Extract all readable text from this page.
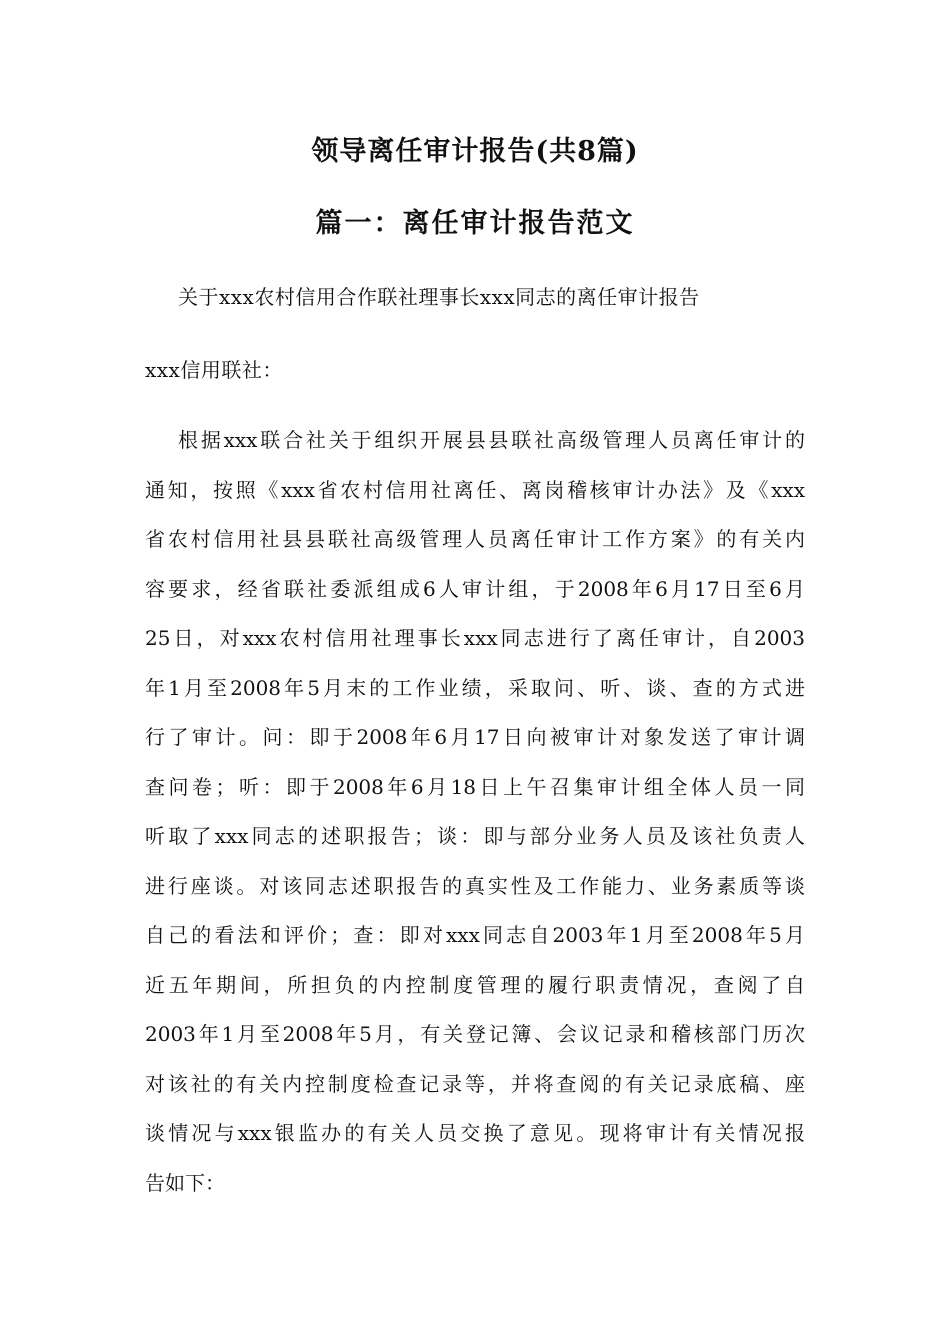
领导离任审计报告(共8篇)
篇一：离任审计报告范文

关于xxx农村信用合作联社理事长xxx同志的离任审计报告

xxx信用联社：

根据xxx联合社关于组织开展县县联社高级管理人员离任审计的
通知，按照《xxx省农村信用社离任、离岗稽核审计办法》及《xxx
省农村信用社县县联社高级管理人员离任审计工作方案》的有关内
容要求，经省联社委派组成6人审计组，于2008年6月17日至6月
25日，对xxx农村信用社理事长xxx同志进行了离任审计，自2003
年1月至2008年5月末的工作业绩，采取问、听、谈、查的方式进
行了审计。问：即于2008年6月17日向被审计对象发送了审计调
查问卷；听：即于2008年6月18日上午召集审计组全体人员一同
听取了xxx同志的述职报告；谈：即与部分业务人员及该社负责人
进行座谈。对该同志述职报告的真实性及工作能力、业务素质等谈
自己的看法和评价；查：即对xxx同志自2003年1月至2008年5月
近五年期间，所担负的内控制度管理的履行职责情况，查阅了自
2003年1月至2008年5月，有关登记簿、会议记录和稽核部门历次
对该社的有关内控制度检查记录等，并将查阅的有关记录底稿、座
谈情况与xxx银监办的有关人员交换了意见。现将审计有关情况报
告如下：
